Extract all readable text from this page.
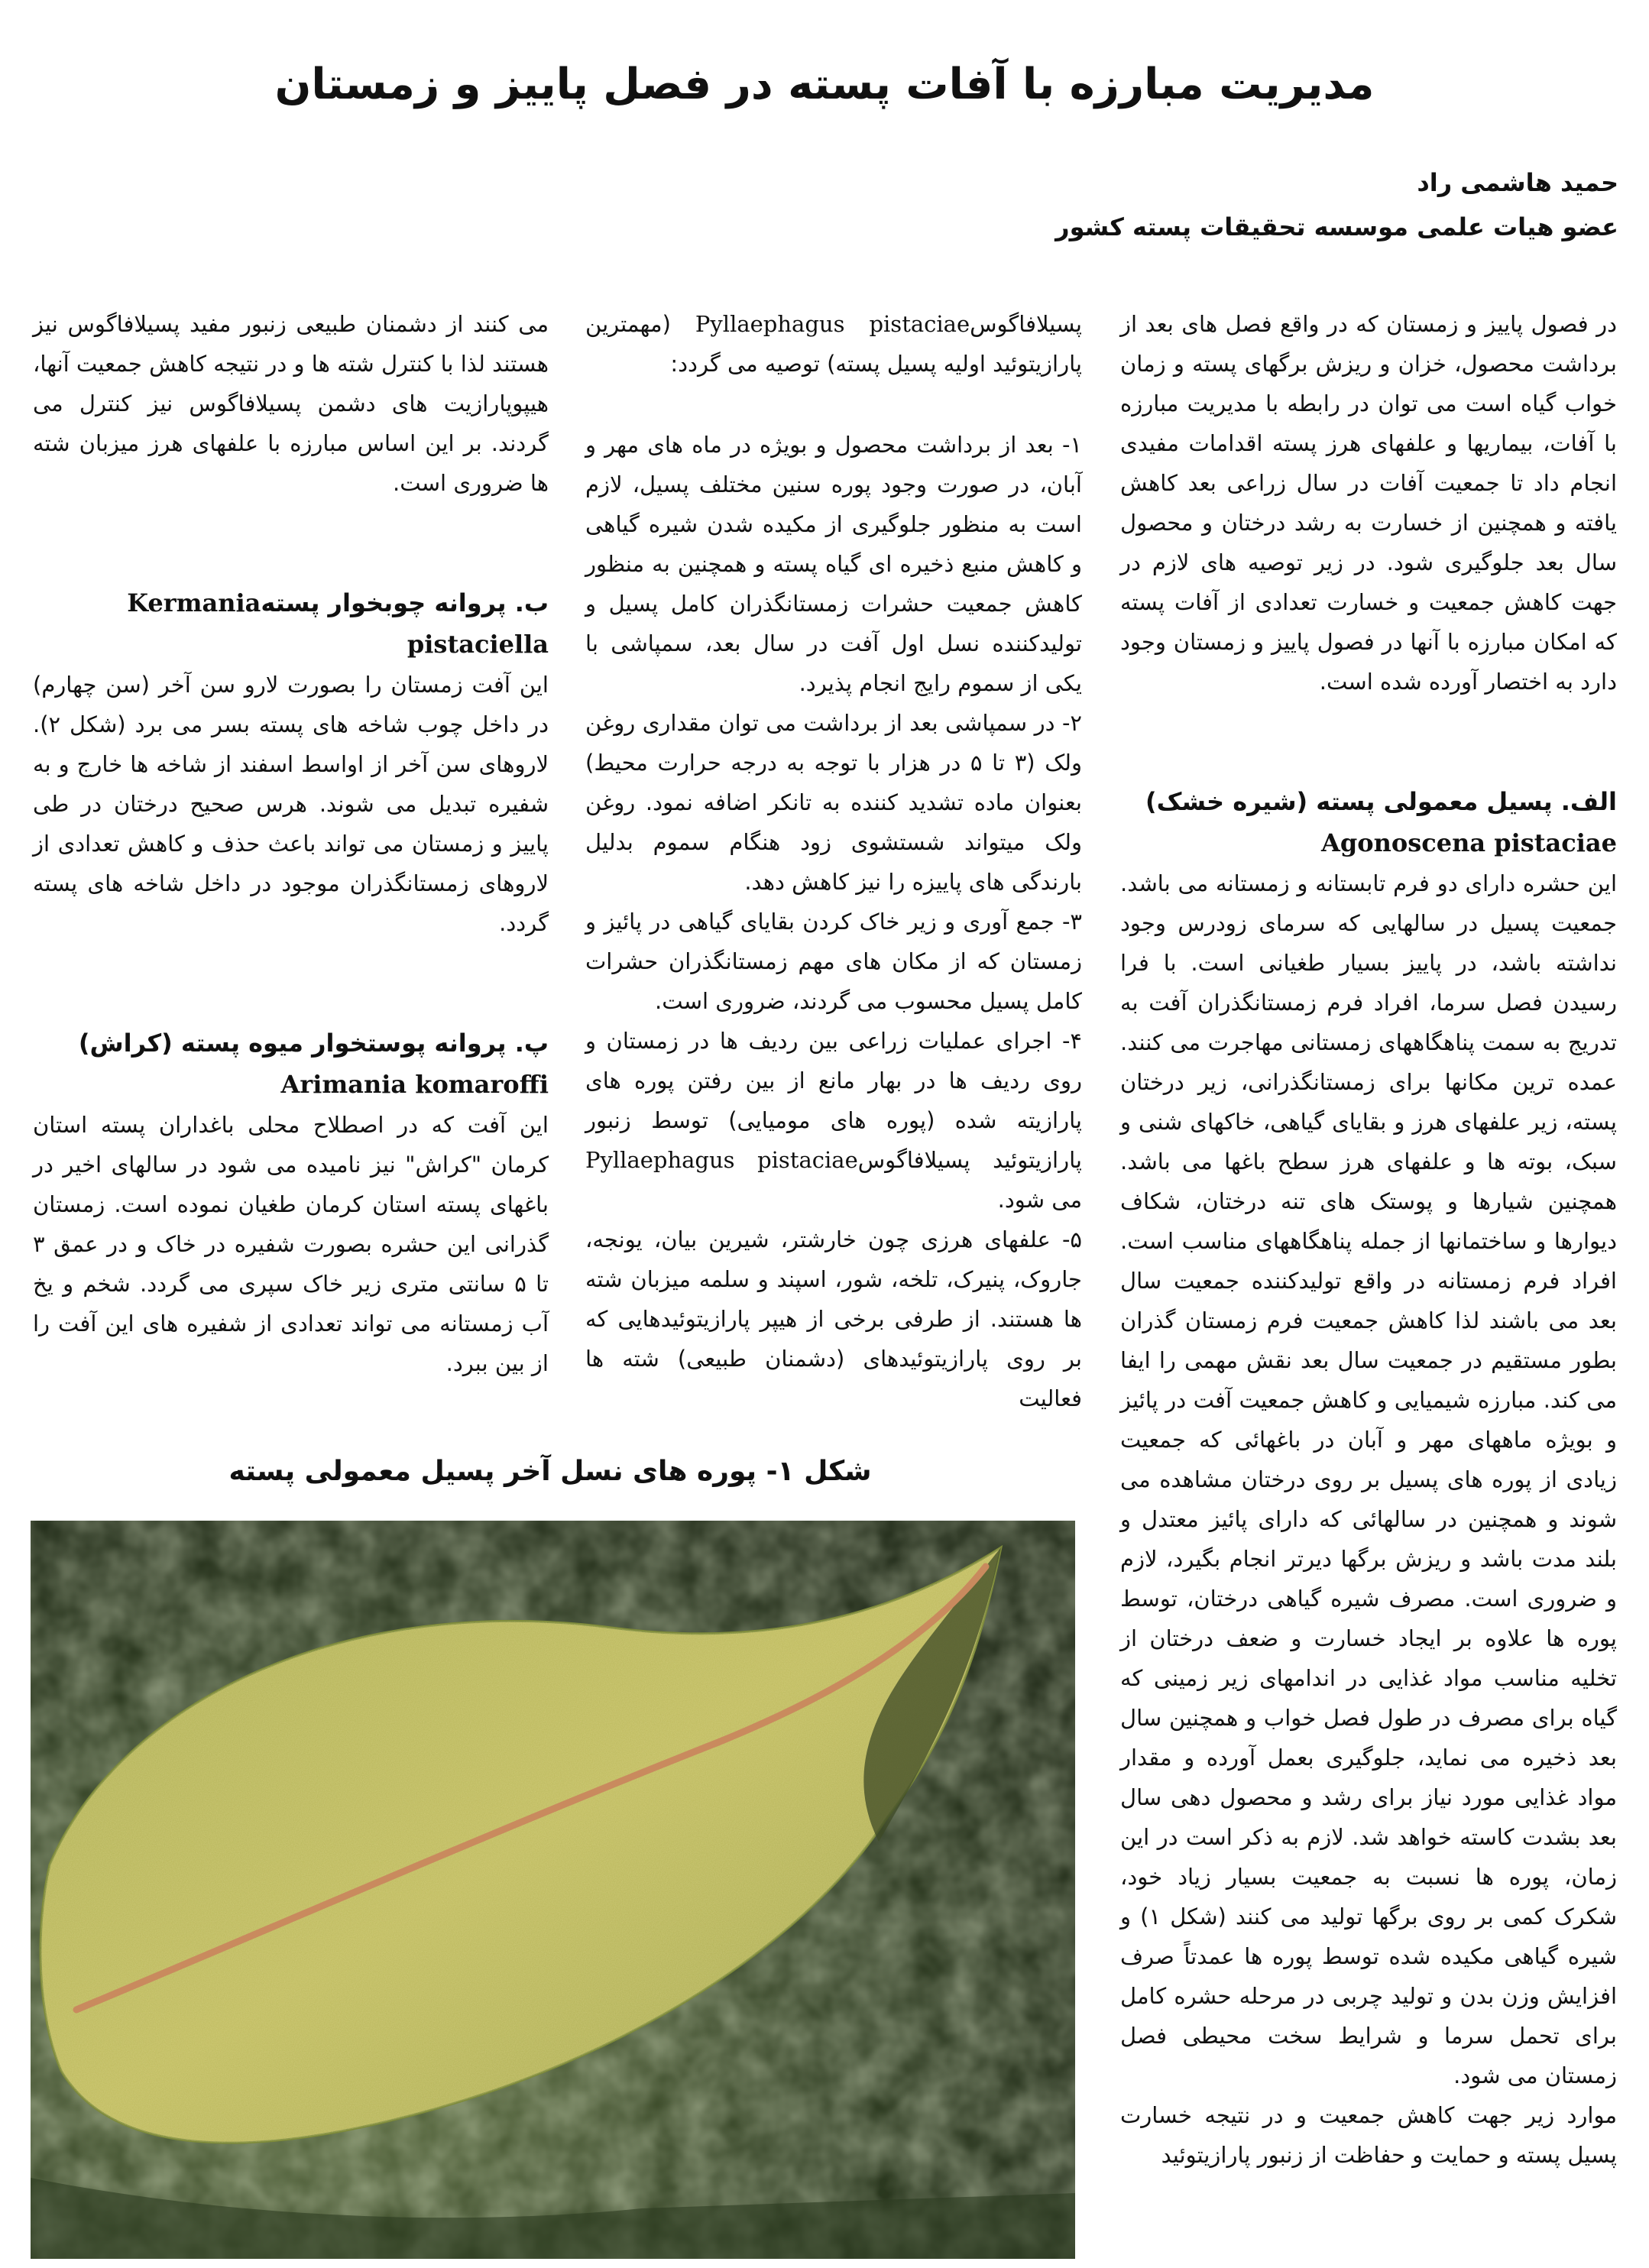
مدیریت مبارزه با آفات پسته در فصل پاییز و زمستان
حمید هاشمی راد
عضو هیات علمی موسسه تحقیقات پسته کشور

در فصول پاییز و زمستان که در واقع فصل های بعد از برداشت محصول، خزان و ریزش برگهای پسته و زمان خواب گیاه است می توان در رابطه با مدیریت مبارزه با آفات، بیماریها و علفهای هرز پسته اقدامات مفیدی انجام داد تا جمعیت آفات در سال زراعی بعد کاهش یافته و همچنین از خسارت به رشد درختان و محصول سال بعد جلوگیری شود. در زیر توصیه های لازم در جهت کاهش جمعیت و خسارت تعدادی از آفات پسته که امکان مبارزه با آنها در فصول پاییز و زمستان وجود دارد به اختصار آورده شده است.

الف. پسیل معمولی پسته (شیره خشک)
Agonoscena pistaciae

این حشره دارای دو فرم تابستانه و زمستانه می باشد. جمعیت پسیل در سالهایی که سرمای زودرس وجود نداشته باشد، در پاییز بسیار طغیانی است. با فرا رسیدن فصل سرما، افراد فرم زمستانگذران آفت به تدریج به سمت پناهگاههای زمستانی مهاجرت می کنند. عمده ترین مکانها برای زمستانگذرانی، زیر درختان پسته، زیر علفهای هرز و بقایای گیاهی، خاکهای شنی و سبک، بوته ها و علفهای هرز سطح باغها می باشد. همچنین شیارها و پوستک های تنه درختان، شکاف دیوارها و ساختمانها از جمله پناهگاههای مناسب است. افراد فرم زمستانه در واقع تولیدکننده جمعیت سال بعد می باشند لذا کاهش جمعیت فرم زمستان گذران بطور مستقیم در جمعیت سال بعد نقش مهمی را ایفا می کند. مبارزه شیمیایی و کاهش جمعیت آفت در پائیز و بویژه ماههای مهر و آبان در باغهائی که جمعیت زیادی از پوره های پسیل بر روی درختان مشاهده می شوند و همچنین در سالهائی که دارای پائیز معتدل و بلند مدت باشد و ریزش برگها دیرتر انجام بگیرد، لازم و ضروری است. مصرف شیره گیاهی درختان، توسط پوره ها علاوه بر ایجاد خسارت و ضعف درختان از تخلیه مناسب مواد غذایی در اندامهای زیر زمینی که گیاه برای مصرف در طول فصل خواب و همچنین سال بعد ذخیره می نماید، جلوگیری بعمل آورده و مقدار مواد غذایی مورد نیاز برای رشد و محصول دهی سال بعد بشدت کاسته خواهد شد. لازم به ذکر است در این زمان، پوره ها نسبت به جمعیت بسیار زیاد خود، شکرک کمی بر روی برگها تولید می کنند (شکل ۱) و شیره گیاهی مکیده شده توسط پوره ها عمدتاً صرف افزایش وزن بدن و تولید چربی در مرحله حشره کامل برای تحمل سرما و شرایط سخت محیطی فصل زمستان می شود.

موارد زیر جهت کاهش جمعیت و در نتیجه خسارت پسیل پسته و حمایت و حفاظت از زنبور پارازیتوئید

پسیلافاگوسPyllaephagus pistaciae (مهمترین پارازیتوئید اولیه پسیل پسته) توصیه می گردد:

۱- بعد از برداشت محصول و بویژه در ماه های مهر و آبان، در صورت وجود پوره سنین مختلف پسیل، لازم است به منظور جلوگیری از مکیده شدن شیره گیاهی و کاهش منبع ذخیره ای گیاه پسته و همچنین به منظور کاهش جمعیت حشرات زمستانگذران کامل پسیل و تولیدکننده نسل اول آفت در سال بعد، سمپاشی با یکی از سموم رایج انجام پذیرد.

۲- در سمپاشی بعد از برداشت می توان مقداری روغن ولک (۳ تا ۵ در هزار با توجه به درجه حرارت محیط) بعنوان ماده تشدید کننده به تانکر اضافه نمود. روغن ولک میتواند شستشوی زود هنگام سموم بدلیل بارندگی های پاییزه را نیز کاهش دهد.

۳- جمع آوری و زیر خاک کردن بقایای گیاهی در پائیز و زمستان که از مکان های مهم زمستانگذران حشرات کامل پسیل محسوب می گردند، ضروری است.

۴- اجرای عملیات زراعی بین ردیف ها در زمستان و روی ردیف ها در بهار مانع از بین رفتن پوره های پارازیته شده (پوره های مومیایی) توسط زنبور پارازیتوئید پسیلافاگوسPyllaephagus pistaciae می شود.

۵- علفهای هرزی چون خارشتر، شیرین بیان، یونجه، جاروک، پنیرک، تلخه، شور، اسپند و سلمه میزبان شته ها هستند. از طرفی برخی از هیپر پارازیتوئیدهایی که بر روی پارازیتوئیدهای (دشمنان طبیعی) شته ها فعالیت

می کنند از دشمنان طبیعی زنبور مفید پسیلافاگوس نیز هستند لذا با کنترل شته ها و در نتیجه کاهش جمعیت آنها، هیپوپارازیت های دشمن پسیلافاگوس نیز کنترل می گردند. بر این اساس مبارزه با علفهای هرز میزبان شته ها ضروری است.

ب. پروانه چوبخوار پستهKermania pistaciella

این آفت زمستان را بصورت لارو سن آخر (سن چهارم) در داخل چوب شاخه های پسته بسر می برد (شکل ۲). لاروهای سن آخر از اواسط اسفند از شاخه ها خارج و به شفیره تبدیل می شوند. هرس صحیح درختان در طی پاییز و زمستان می تواند باعث حذف و کاهش تعدادی از لاروهای زمستانگذران موجود در داخل شاخه های پسته گردد.

پ. پروانه پوستخوار میوه پسته (کراش) Arimania komaroffi

این آفت که در اصطلاح محلی باغداران پسته استان کرمان "کراش" نیز نامیده می شود در سالهای اخیر در باغهای پسته استان کرمان طغیان نموده است. زمستان گذرانی این حشره بصورت شفیره در خاک و در عمق ۳ تا ۵ سانتی متری زیر خاک سپری می گردد. شخم و یخ آب زمستانه می تواند تعدادی از شفیره های این آفت را از بین ببرد.

شکل ۱- پوره های نسل آخر پسیل معمولی پسته
